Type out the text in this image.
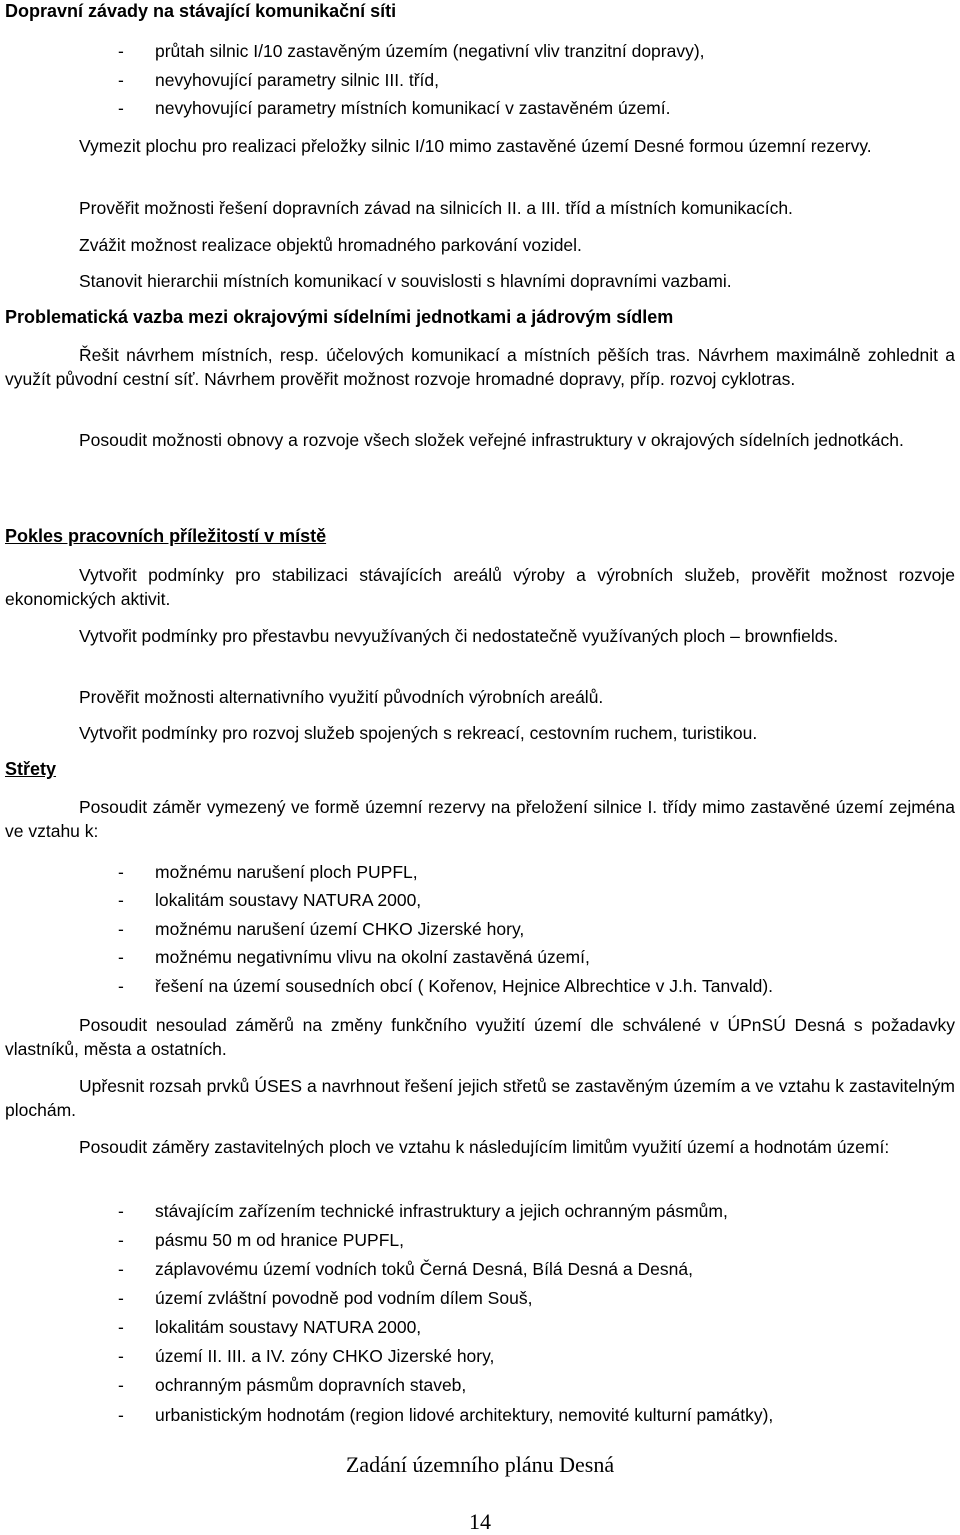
Dopravní závady na stávající komunikační síti
- průtah silnic I/10 zastavěným územím (negativní vliv tranzitní dopravy),
- nevyhovující parametry silnic III. tříd,
- nevyhovující parametry místních komunikací v zastavěném území.
Vymezit plochu pro realizaci přeložky silnic I/10 mimo zastavěné území Desné formou územní rezervy.
Prověřit možnosti řešení dopravních závad na silnicích II. a III. tříd a místních komunikacích.
Zvážit možnost realizace objektů hromadného parkování vozidel.
Stanovit hierarchii místních komunikací v souvislosti s hlavními dopravními vazbami.
Problematická vazba mezi okrajovými sídelními jednotkami a jádrovým sídlem
Řešit návrhem místních, resp. účelových komunikací a místních pěších tras. Návrhem maximálně zohlednit a využít původní cestní síť. Návrhem prověřit možnost rozvoje hromadné dopravy, příp. rozvoj cyklotras.
Posoudit možnosti obnovy a rozvoje všech složek veřejné infrastruktury v okrajových sídelních jednotkách.
Pokles pracovních příležitostí v místě
Vytvořit podmínky pro stabilizaci stávajících areálů výroby a výrobních služeb, prověřit možnost rozvoje ekonomických aktivit.
Vytvořit podmínky pro přestavbu nevyužívaných či nedostatečně využívaných ploch – brownfields.
Prověřit možnosti alternativního využití původních výrobních areálů.
Vytvořit podmínky pro rozvoj služeb spojených s rekreací, cestovním ruchem, turistikou.
Střety
Posoudit záměr vymezený ve formě územní rezervy na přeložení silnice I. třídy mimo zastavěné území zejména ve vztahu k:
- možnému narušení ploch PUPFL,
- lokalitám soustavy NATURA 2000,
- možnému narušení území CHKO Jizerské hory,
- možnému negativnímu vlivu na okolní zastavěná území,
- řešení na území sousedních obcí ( Kořenov, Hejnice Albrechtice v J.h. Tanvald).
Posoudit nesoulad záměrů na změny funkčního využití území dle schválené v ÚPnSÚ Desná s požadavky vlastníků, města a ostatních.
Upřesnit rozsah prvků ÚSES a navrhnout řešení jejich střetů se zastavěným územím a ve vztahu k zastavitelným plochám.
Posoudit záměry zastavitelných ploch ve vztahu k následujícím limitům využití území a hodnotám území:
- stávajícím zařízením technické infrastruktury a jejich ochranným pásmům,
- pásmu 50 m od hranice PUPFL,
- záplavovému území vodních toků Černá Desná, Bílá Desná a Desná,
- území zvláštní povodně pod vodním dílem Souš,
- lokalitám soustavy NATURA 2000,
- území II. III. a IV. zóny CHKO Jizerské hory,
- ochranným pásmům dopravních staveb,
- urbanistickým hodnotám (region lidové architektury, nemovité kulturní památky),
Zadání územního plánu Desná
14
